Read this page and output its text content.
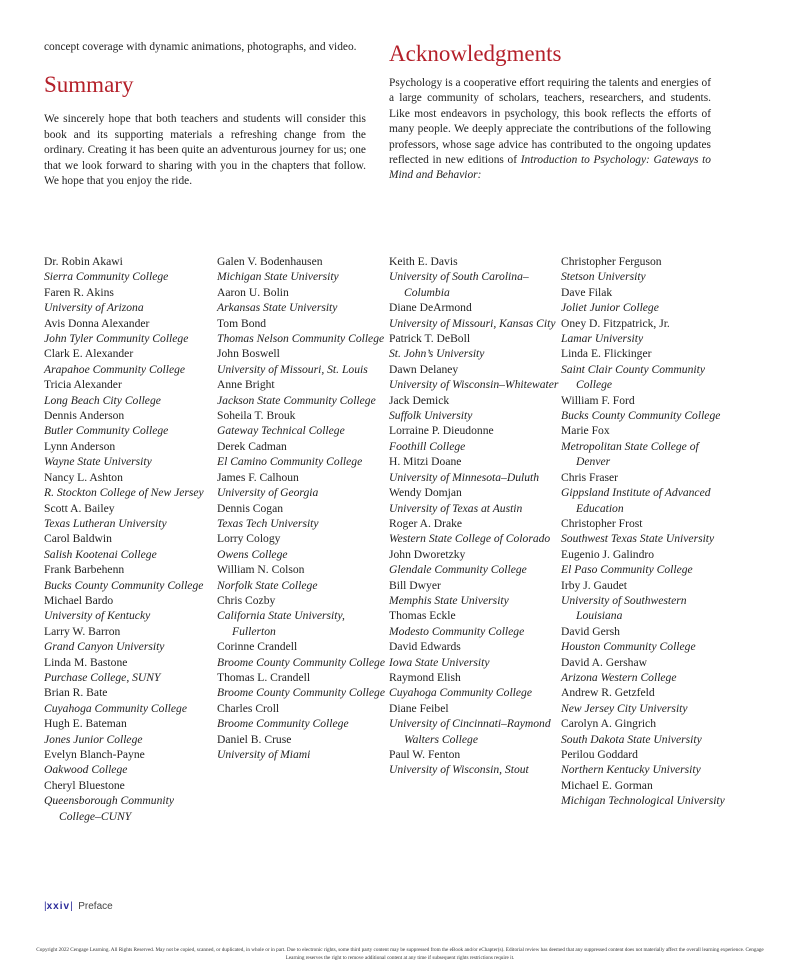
concept coverage with dynamic animations, photographs, and video.

Summary

We sincerely hope that both teachers and students will consider this book and its supporting materials a refreshing change from the ordinary. Creating it has been quite an adventurous journey for us; one that we look forward to sharing with you in the chapters that follow. We hope that you enjoy the ride.

Acknowledgments

Psychology is a cooperative effort requiring the talents and energies of a large community of scholars, teachers, researchers, and students. Like most endeavors in psychology, this book reflects the efforts of many people. We deeply appreciate the contributions of the following professors, whose sage advice has contributed to the ongoing updates reflected in new editions of Introduction to Psychology: Gateways to Mind and Behavior:

Dr. Robin Akawi
Sierra Community College
Faren R. Akins
University of Arizona
Avis Donna Alexander
John Tyler Community College
Clark E. Alexander
Arapahoe Community College
Tricia Alexander
Long Beach City College
Dennis Anderson
Butler Community College
Lynn Anderson
Wayne State University
Nancy L. Ashton
R. Stockton College of New Jersey
Scott A. Bailey
Texas Lutheran University
Carol Baldwin
Salish Kootenai College
Frank Barbehenn
Bucks County Community College
Michael Bardo
University of Kentucky
Larry W. Barron
Grand Canyon University
Linda M. Bastone
Purchase College, SUNY
Brian R. Bate
Cuyahoga Community College
Hugh E. Bateman
Jones Junior College
Evelyn Blanch-Payne
Oakwood College
Cheryl Bluestone
Queensborough Community College–CUNY
Galen V. Bodenhausen
Michigan State University
Aaron U. Bolin
Arkansas State University
Tom Bond
Thomas Nelson Community College
John Boswell
University of Missouri, St. Louis
Anne Bright
Jackson State Community College
Soheila T. Brouk
Gateway Technical College
Derek Cadman
El Camino Community College
James F. Calhoun
University of Georgia
Dennis Cogan
Texas Tech University
Lorry Cology
Owens College
William N. Colson
Norfolk State College
Chris Cozby
California State University, Fullerton
Corinne Crandell
Broome County Community College
Thomas L. Crandell
Broome County Community College
Charles Croll
Broome Community College
Daniel B. Cruse
University of Miami
Keith E. Davis
University of South Carolina–Columbia
Diane DeArmond
University of Missouri, Kansas City
Patrick T. DeBoll
St. John’s University
Dawn Delaney
University of Wisconsin–Whitewater
Jack Demick
Suffolk University
Lorraine P. Dieudonne
Foothill College
H. Mitzi Doane
University of Minnesota–Duluth
Wendy Domjan
University of Texas at Austin
Roger A. Drake
Western State College of Colorado
John Dworetzky
Glendale Community College
Bill Dwyer
Memphis State University
Thomas Eckle
Modesto Community College
David Edwards
Iowa State University
Raymond Elish
Cuyahoga Community College
Diane Feibel
University of Cincinnati–Raymond Walters College
Paul W. Fenton
University of Wisconsin, Stout
Christopher Ferguson
Stetson University
Dave Filak
Joliet Junior College
Oney D. Fitzpatrick, Jr.
Lamar University
Linda E. Flickinger
Saint Clair County Community College
William F. Ford
Bucks County Community College
Marie Fox
Metropolitan State College of Denver
Chris Fraser
Gippsland Institute of Advanced Education
Christopher Frost
Southwest Texas State University
Eugenio J. Galindro
El Paso Community College
Irby J. Gaudet
University of Southwestern Louisiana
David Gersh
Houston Community College
David A. Gershaw
Arizona Western College
Andrew R. Getzfeld
New Jersey City University
Carolyn A. Gingrich
South Dakota State University
Perilou Goddard
Northern Kentucky University
Michael E. Gorman
Michigan Technological University
|xxiv| Preface
Copyright 2022 Cengage Learning. All Rights Reserved. May not be copied, scanned, or duplicated, in whole or in part. Due to electronic rights, some third party content may be suppressed from the eBook and/or eChapter(s). Editorial review has deemed that any suppressed content does not materially affect the overall learning experience. Cengage Learning reserves the right to remove additional content at any time if subsequent rights restrictions require it.
